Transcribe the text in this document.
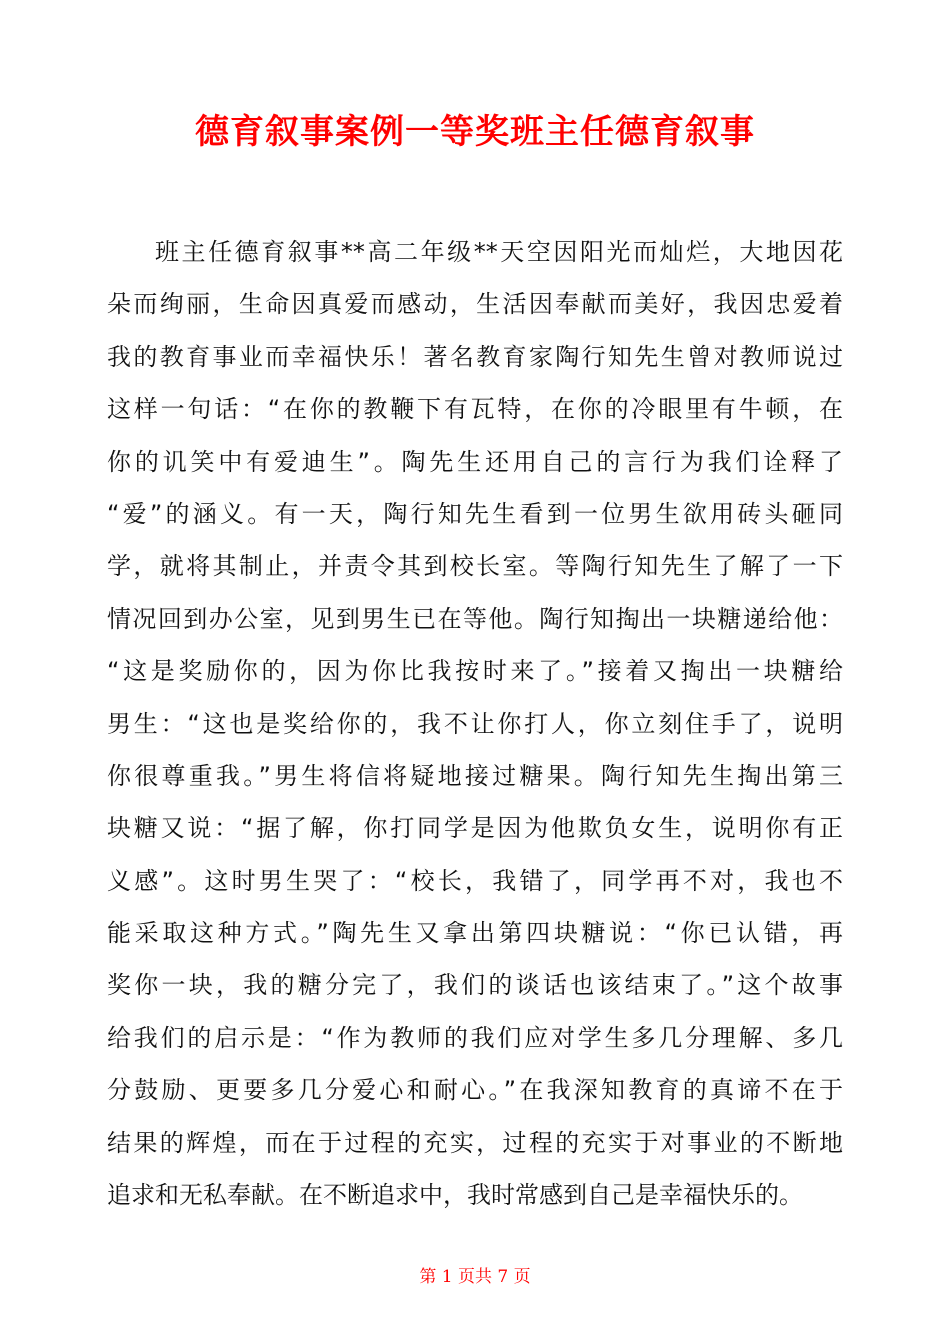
德育叙事案例一等奖班主任德育叙事
班主任德育叙事**高二年级**天空因阳光而灿烂，大地因花
朵而绚丽，生命因真爱而感动，生活因奉献而美好，我因忠爱着
我的教育事业而幸福快乐！著名教育家陶行知先生曾对教师说过
这样一句话：“在你的教鞭下有瓦特，在你的冷眼里有牛顿，在
你的讥笑中有爱迪生”。陶先生还用自己的言行为我们诠释了
“爱”的涵义。有一天，陶行知先生看到一位男生欲用砖头砸同
学，就将其制止，并责令其到校长室。等陶行知先生了解了一下
情况回到办公室，见到男生已在等他。陶行知掏出一块糖递给他：
“这是奖励你的，因为你比我按时来了。”接着又掏出一块糖给
男生：“这也是奖给你的，我不让你打人，你立刻住手了，说明
你很尊重我。”男生将信将疑地接过糖果。陶行知先生掏出第三
块糖又说：“据了解，你打同学是因为他欺负女生，说明你有正
义感”。这时男生哭了：“校长，我错了，同学再不对，我也不
能采取这种方式。”陶先生又拿出第四块糖说：“你已认错，再
奖你一块，我的糖分完了，我们的谈话也该结束了。”这个故事
给我们的启示是：“作为教师的我们应对学生多几分理解、多几
分鼓励、更要多几分爱心和耐心。”在我深知教育的真谛不在于
结果的辉煌，而在于过程的充实，过程的充实于对事业的不断地
追求和无私奉献。在不断追求中，我时常感到自己是幸福快乐的。
第 1 页共 7 页
